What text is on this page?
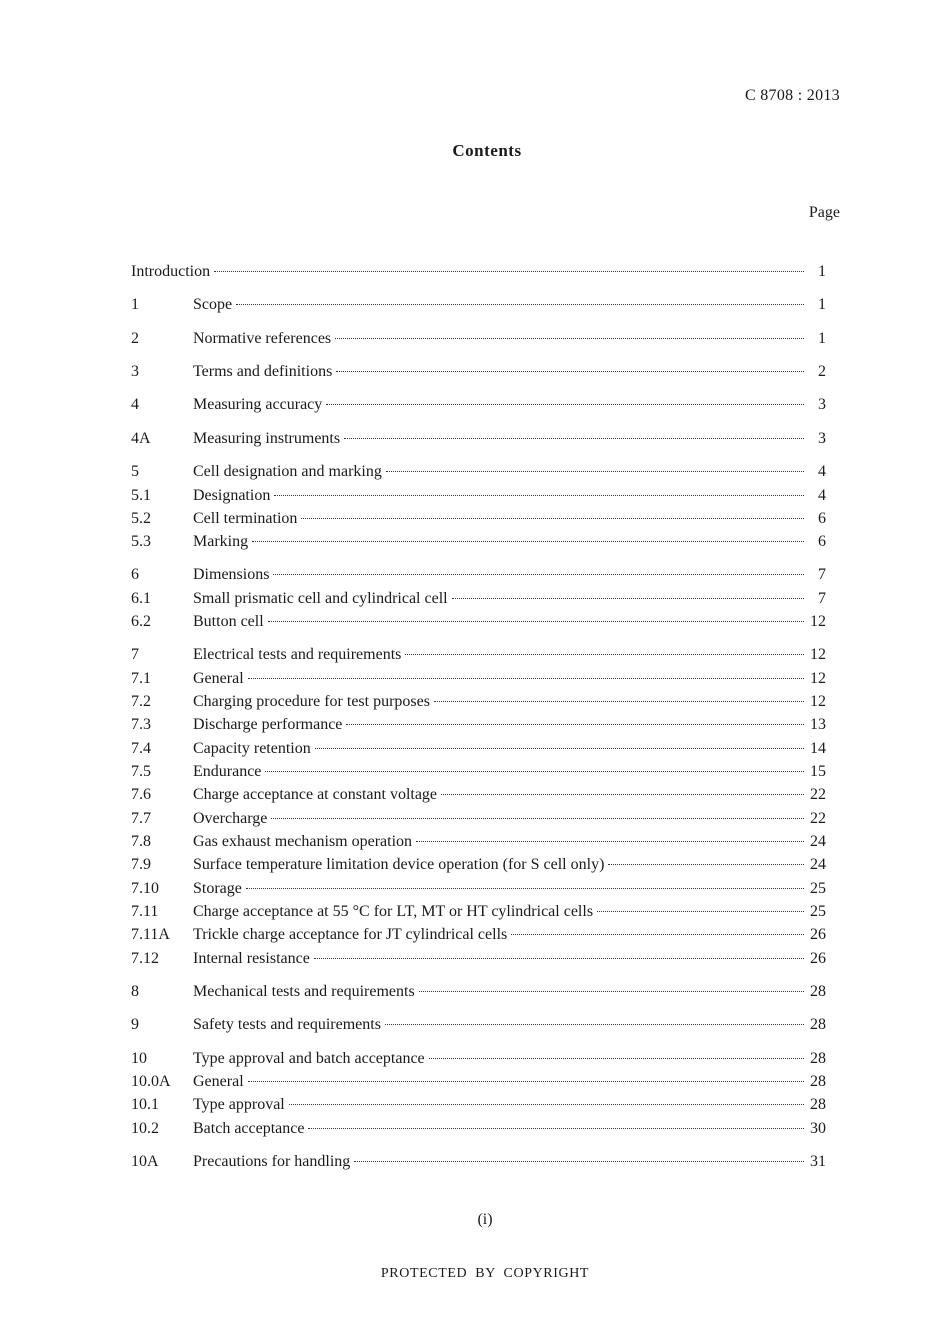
C 8708 : 2013
Contents
Page
Introduction	1
1	Scope	1
2	Normative references	1
3	Terms and definitions	2
4	Measuring accuracy	3
4A	Measuring instruments	3
5	Cell designation and marking	4
5.1	Designation	4
5.2	Cell termination	6
5.3	Marking	6
6	Dimensions	7
6.1	Small prismatic cell and cylindrical cell	7
6.2	Button cell	12
7	Electrical tests and requirements	12
7.1	General	12
7.2	Charging procedure for test purposes	12
7.3	Discharge performance	13
7.4	Capacity retention	14
7.5	Endurance	15
7.6	Charge acceptance at constant voltage	22
7.7	Overcharge	22
7.8	Gas exhaust mechanism operation	24
7.9	Surface temperature limitation device operation (for S cell only)	24
7.10	Storage	25
7.11	Charge acceptance at 55 °C for LT, MT or HT cylindrical cells	25
7.11A	Trickle charge acceptance for JT cylindrical cells	26
7.12	Internal resistance	26
8	Mechanical tests and requirements	28
9	Safety tests and requirements	28
10	Type approval and batch acceptance	28
10.0A	General	28
10.1	Type approval	28
10.2	Batch acceptance	30
10A	Precautions for handling	31
(i)
PROTECTED BY COPYRIGHT
